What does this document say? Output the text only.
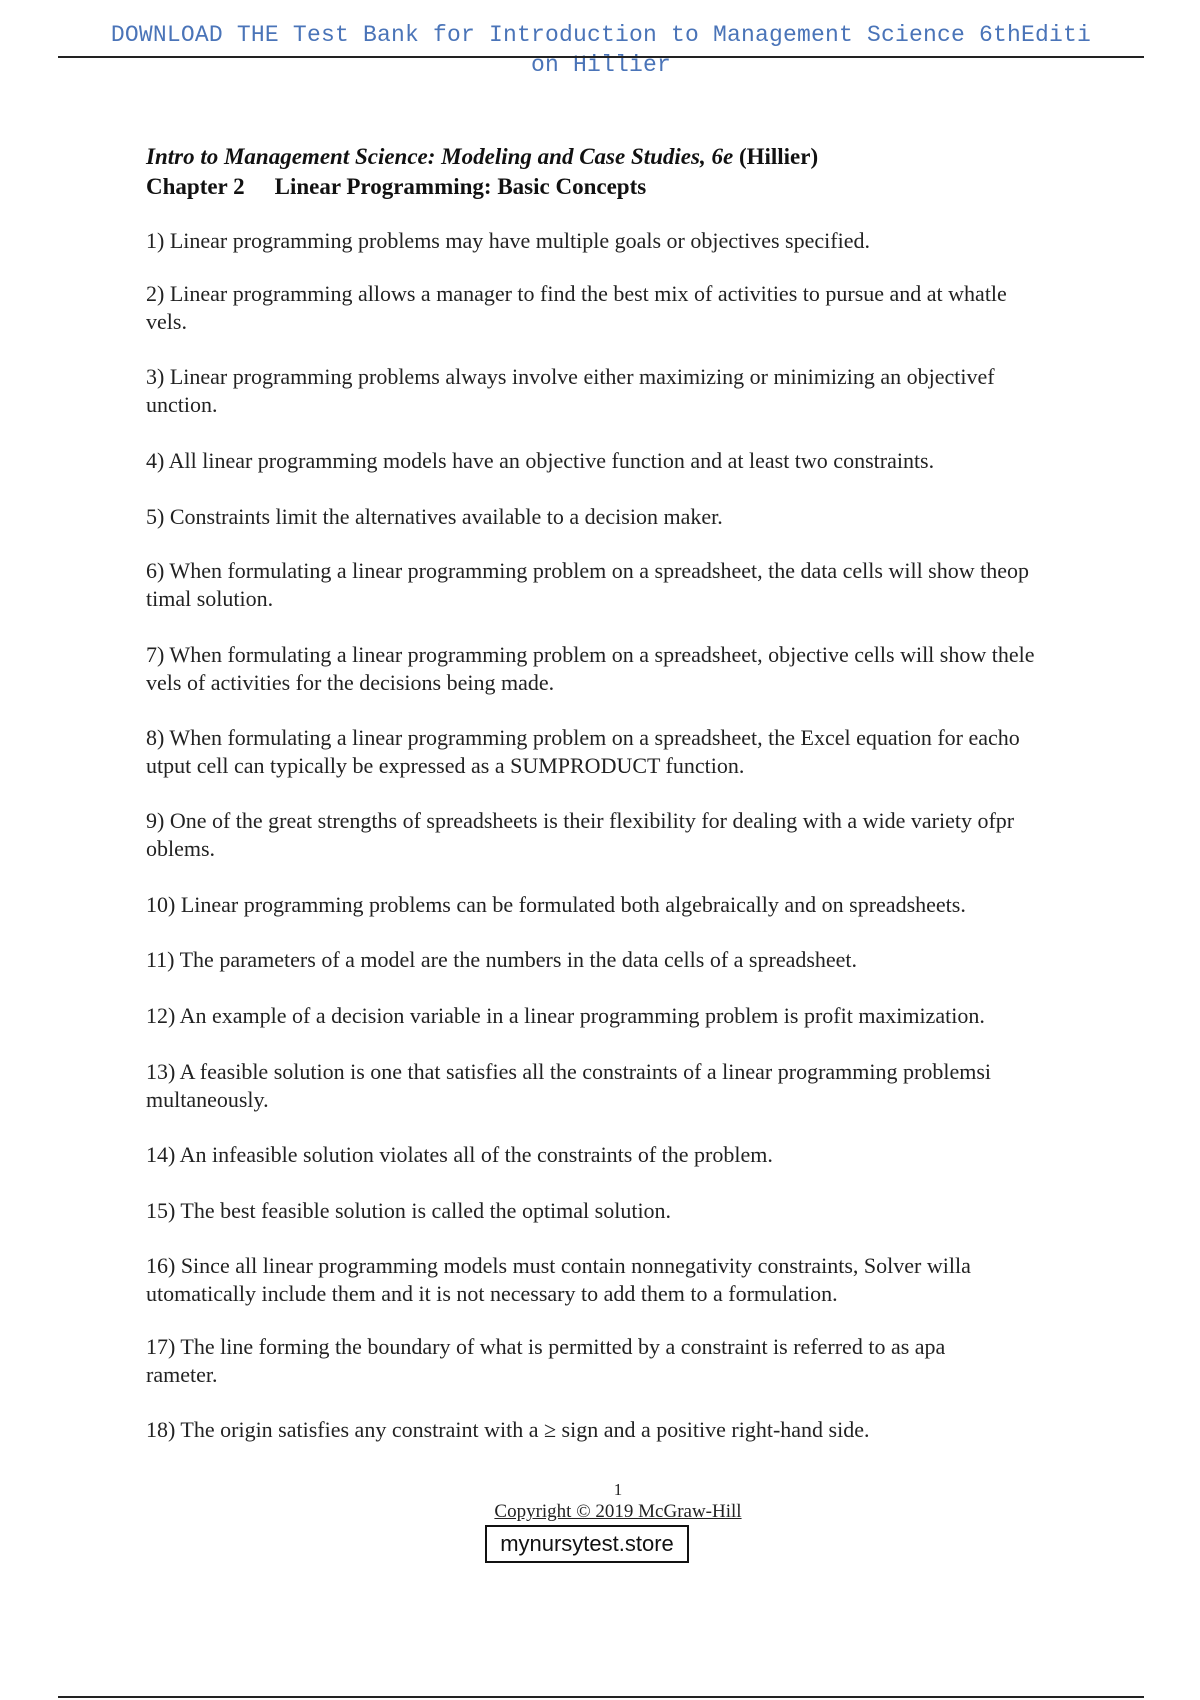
DOWNLOAD THE Test Bank for Introduction to Management Science 6thEditi
on Hillier
Intro to Management Science: Modeling and Case Studies, 6e (Hillier)
Chapter 2 Linear Programming: Basic Concepts
1) Linear programming problems may have multiple goals or objectives specified.
2) Linear programming allows a manager to find the best mix of activities to pursue and at whatle
vels.
3) Linear programming problems always involve either maximizing or minimizing an objectivef
unction.
4) All linear programming models have an objective function and at least two constraints.
5) Constraints limit the alternatives available to a decision maker.
6) When formulating a linear programming problem on a spreadsheet, the data cells will show theop
timal solution.
7) When formulating a linear programming problem on a spreadsheet, objective cells will show thele
vels of activities for the decisions being made.
8) When formulating a linear programming problem on a spreadsheet, the Excel equation for eacho
utput cell can typically be expressed as a SUMPRODUCT function.
9) One of the great strengths of spreadsheets is their flexibility for dealing with a wide variety ofpr
oblems.
10) Linear programming problems can be formulated both algebraically and on spreadsheets.
11) The parameters of a model are the numbers in the data cells of a spreadsheet.
12) An example of a decision variable in a linear programming problem is profit maximization.
13) A feasible solution is one that satisfies all the constraints of a linear programming problemsi
multaneously.
14) An infeasible solution violates all of the constraints of the problem.
15) The best feasible solution is called the optimal solution.
16) Since all linear programming models must contain nonnegativity constraints, Solver willa
utomatically include them and it is not necessary to add them to a formulation.
17) The line forming the boundary of what is permitted by a constraint is referred to as apa
rameter.
18) The origin satisfies any constraint with a ≥ sign and a positive right-hand side.
1
Copyright © 2019 McGraw-Hill
mynursytest.store
